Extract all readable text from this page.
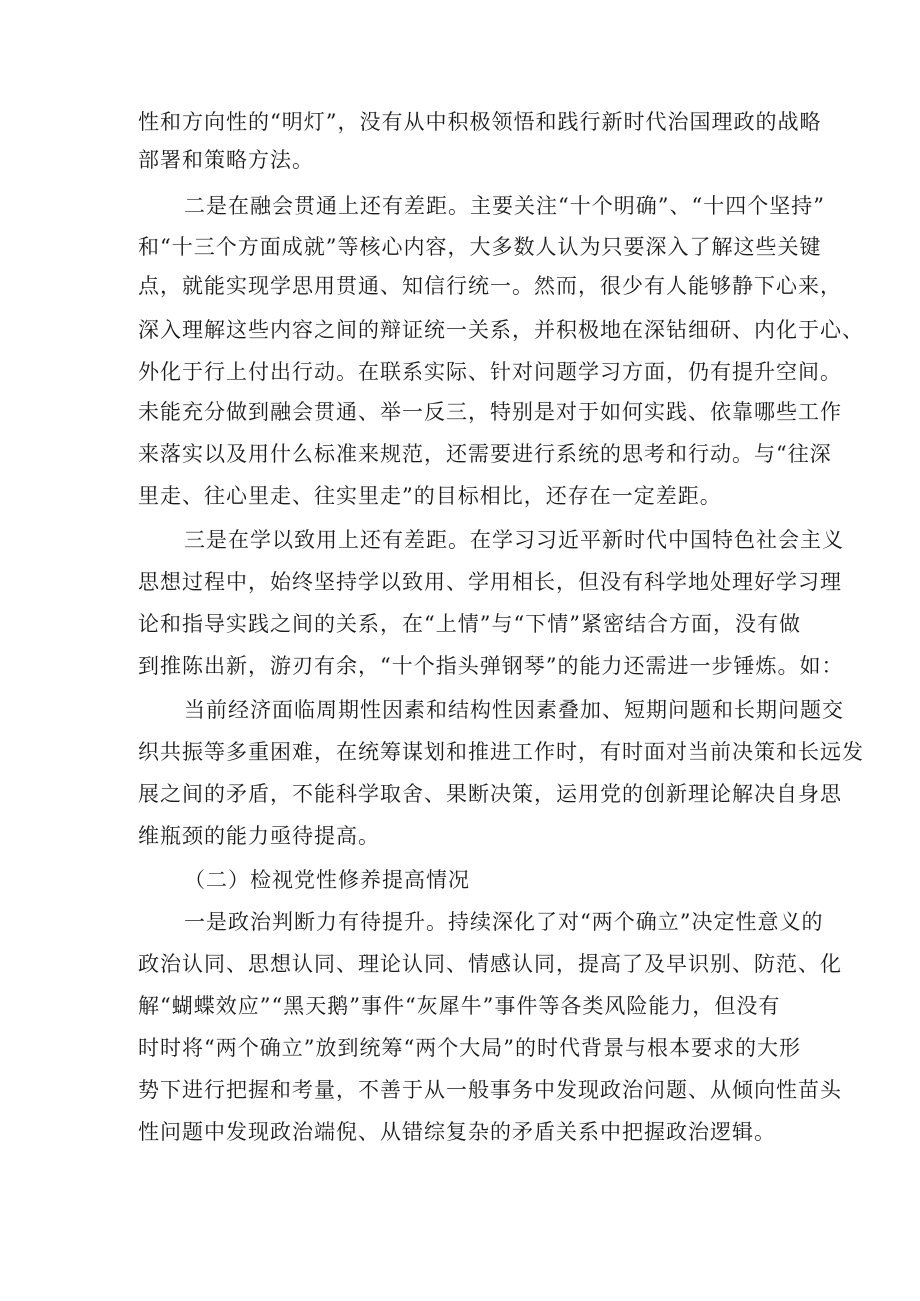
性和方向性的“明灯”，没有从中积极领悟和践行新时代治国理政的战略

部署和策略方法。

二是在融会贯通上还有差距。主要关注“十个明确”、“十四个坚持”

和“十三个方面成就”等核心内容，大多数人认为只要深入了解这些关键

点，就能实现学思用贯通、知信行统一。然而，很少有人能够静下心来，

深入理解这些内容之间的辩证统一关系，并积极地在深钻细研、内化于心、

外化于行上付出行动。在联系实际、针对问题学习方面，仍有提升空间。

未能充分做到融会贯通、举一反三，特别是对于如何实践、依靠哪些工作

来落实以及用什么标准来规范，还需要进行系统的思考和行动。与“往深

里走、往心里走、往实里走”的目标相比，还存在一定差距。

三是在学以致用上还有差距。在学习习近平新时代中国特色社会主义

思想过程中，始终坚持学以致用、学用相长，但没有科学地处理好学习理

论和指导实践之间的关系，在“上情”与“下情”紧密结合方面，没有做

到推陈出新，游刃有余，“十个指头弹钢琴”的能力还需进一步锤炼。如：

当前经济面临周期性因素和结构性因素叠加、短期问题和长期问题交

织共振等多重困难，在统筹谋划和推进工作时，有时面对当前决策和长远发

展之间的矛盾，不能科学取舍、果断决策，运用党的创新理论解决自身思

维瓶颈的能力亟待提高。

（二）检视党性修养提高情况

一是政治判断力有待提升。持续深化了对“两个确立”决定性意义的

政治认同、思想认同、理论认同、情感认同，提高了及早识别、防范、化

解“蝴蝶效应”“黑天鹅”事件“灰犀牛”事件等各类风险能力，但没有

时时将“两个确立”放到统筹“两个大局”的时代背景与根本要求的大形

势下进行把握和考量，不善于从一般事务中发现政治问题、从倾向性苗头

性问题中发现政治端倪、从错综复杂的矛盾关系中把握政治逻辑。
